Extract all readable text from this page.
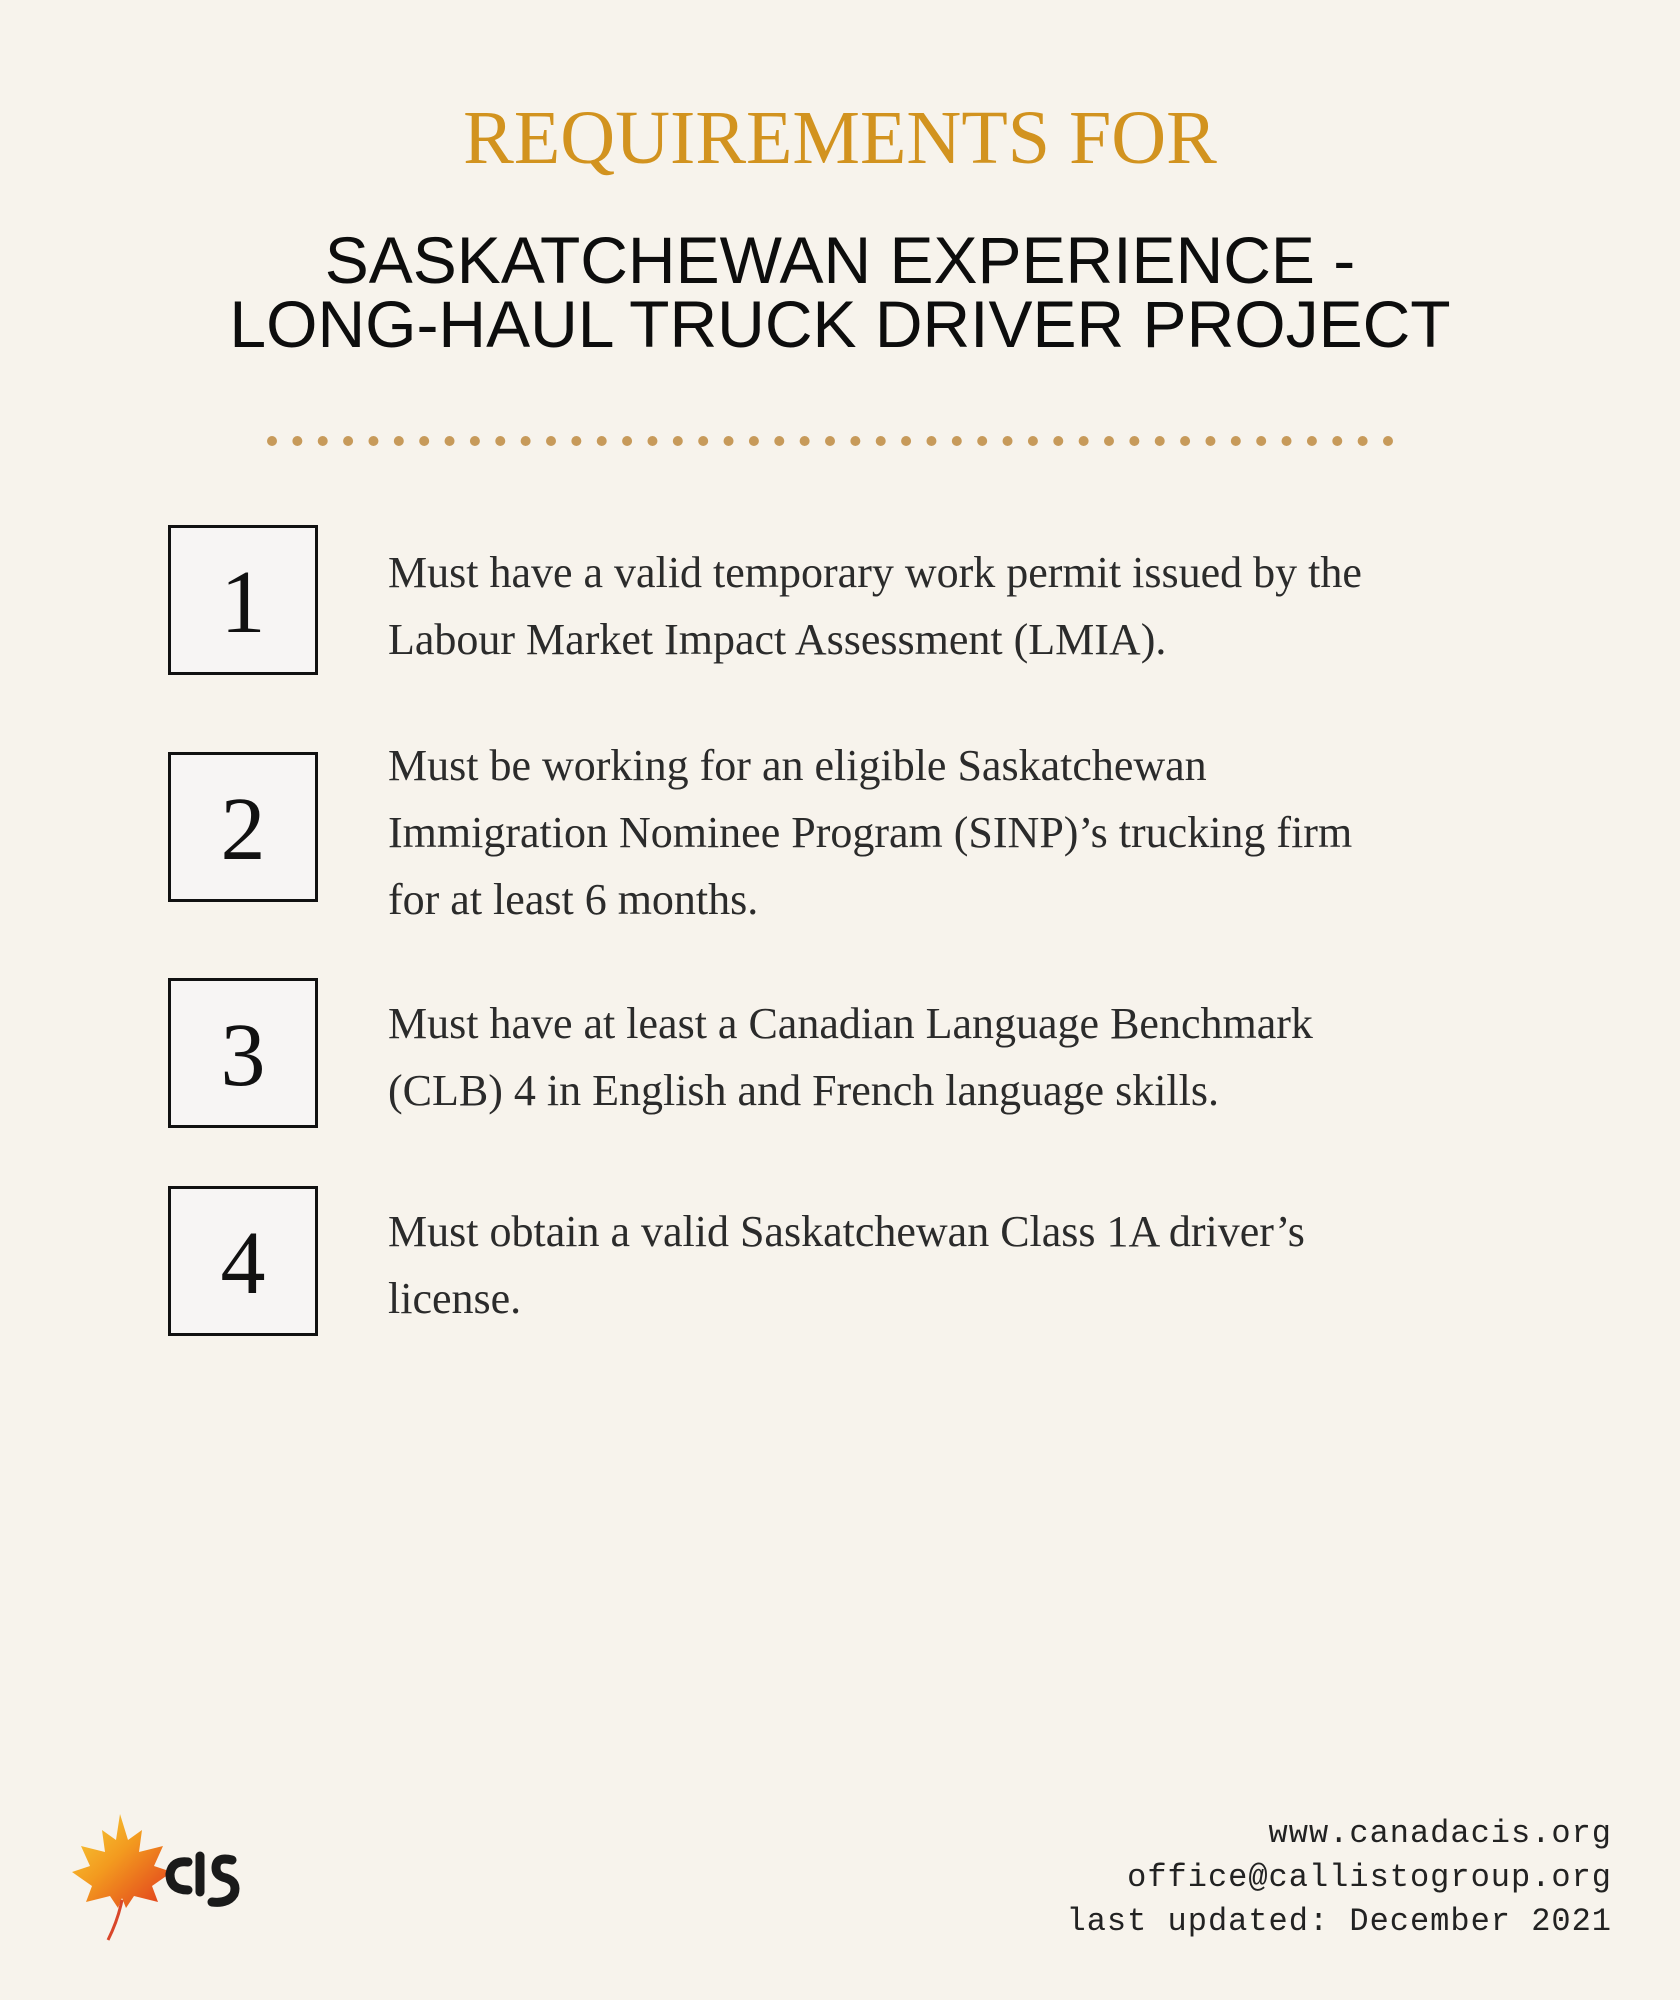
REQUIREMENTS FOR
SASKATCHEWAN EXPERIENCE -
LONG-HAUL TRUCK DRIVER PROJECT
1	Must have a valid temporary work permit issued by the
Labour Market Impact Assessment (LMIA).
2
Must be working for an eligible Saskatchewan
Immigration Nominee Program (SINP)’s trucking firm
for at least 6 months.
3	Must have at least a Canadian Language Benchmark
(CLB) 4 in English and French language skills.
4	Must obtain a valid Saskatchewan Class 1A driver’s
license.
www.canadacis.org
office@callistogroup.org
last updated: December 2021
